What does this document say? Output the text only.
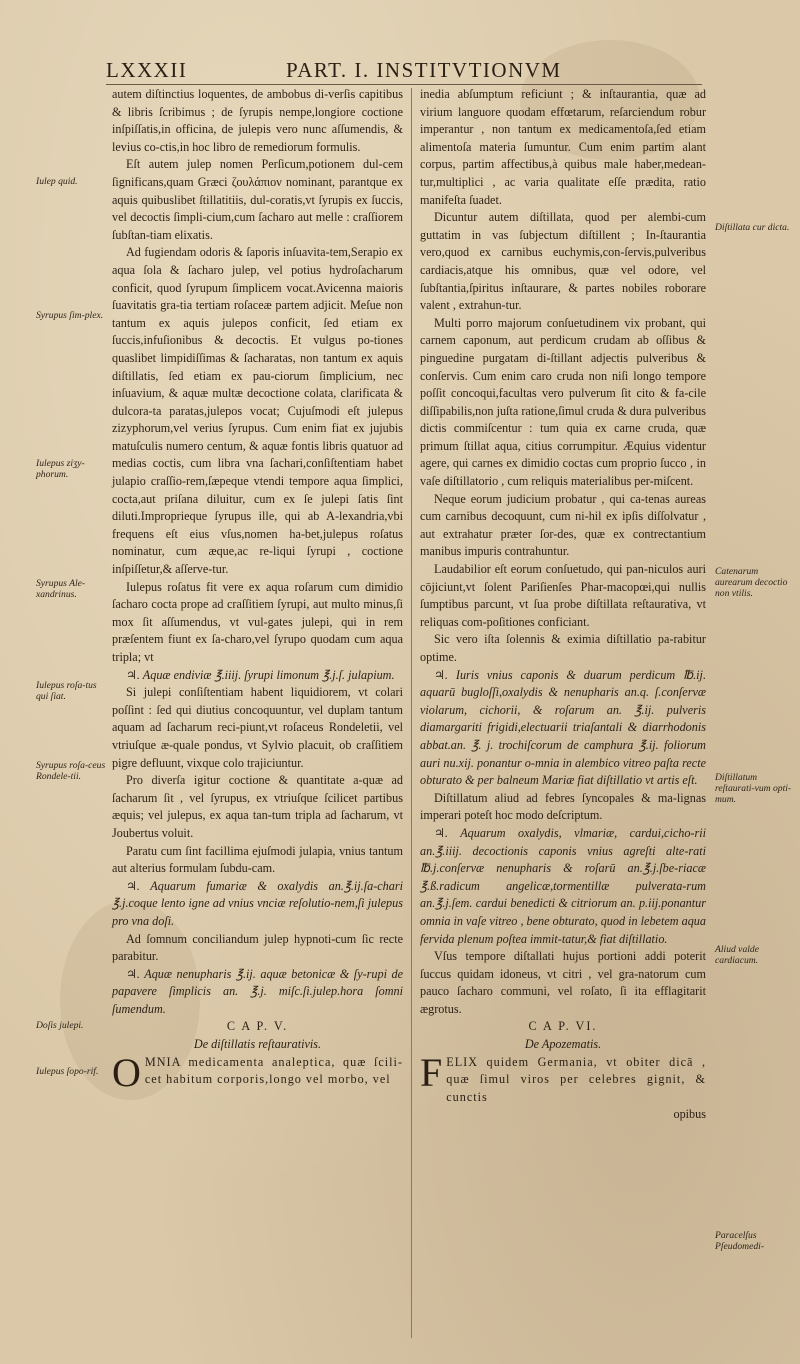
LXXXII	PART. I. INSTITVTIONVM

autem diſtinctius loquentes, de ambobus di-verſis capitibus & libris ſcribimus ; de ſyrupis nempe,longiore coctione inſpiſſatis,in officina, de julepis vero nunc aſſumendis, & levius co-ctis,in hoc libro de remediorum formulis.

Eſt autem julep nomen Perſicum,potionem dul-cem ſignificans,quam Græci ζουλάπιον nominant, parantque ex aquis quibuslibet ſtillatitiis, dul-coratis,vt ſyrupis ex ſuccis, vel decoctis ſimpli-cium,cum ſacharo aut melle : craſſiorem ſubſtan-tiam elixatis.

Ad fugiendam odoris & ſaporis inſuavita-tem,Serapio ex aqua ſola & ſacharo julep, vel potius hydroſacharum conficit, quod ſyrupum ſimplicem vocat.Avicenna maioris ſuavitatis gra-tia tertiam roſaceæ partem adjicit. Meſue non tantum ex aquis julepos conficit, ſed etiam ex ſuccis,infuſionibus & decoctis. Et vulgus po-tiones quaslibet limpidiſſimas & ſacharatas, non tantum ex aquis diſtillatis, ſed etiam ex pau-ciorum ſimplicium, nec inſuavium, & aquæ multæ decoctione colata, clarificata & dulcora-ta paratas,julepos vocat; Cujuſmodi eſt julepus zizyphorum,vel verius ſyrupus. Cum enim fiat ex jujubis matuſculis numero centum, & aquæ fontis libris quatuor ad medias coctis, cum libra vna ſachari,conſiſtentiam habet julapio craſſio-rem,ſæpeque vtendi tempore aqua ſimplici, cocta,aut priſana diluitur, cum ex ſe julepi ſatis ſint diluti.Improprieque ſyrupus ille, qui ab A-lexandria,vbi frequens eſt eius vſus,nomen ha-bet,julepus roſatus nominatur, cum æque,ac re-liqui ſyrupi , coctione inſpiſſetur,& aſſerve-tur.

Iulepus roſatus fit vere ex aqua roſarum cum dimidio ſacharo cocta prope ad craſſitiem ſyrupi, aut multo minus,ſi mox ſit aſſumendus, vt vul-gates julepi, qui in rem præſentem fiunt ex ſa-charo,vel ſyrupo quodam cum aqua tripla; vt

♃. Aquæ endiviæ ℥.iiij. ſyrupi limonum ℥.j.ſ. julapium.

Si julepi conſiſtentiam habent liquidiorem, vt colari poſſint : ſed qui diutius concoquuntur, vel duplam tantum aquam ad ſacharum reci-piunt,vt roſaceus Rondeletii, vel vtriuſque æ-quale pondus, vt Sylvio placuit, ob craſſitiem pigre defluunt, vixque colo trajiciuntur.

Pro diverſa igitur coctione & quantitate a-quæ ad ſacharum ſit , vel ſyrupus, ex vtriuſque ſcilicet partibus æquis; vel julepus, ex aqua tan-tum tripla ad ſacharum, vt Joubertus voluit.

Paratu cum ſint facillima ejuſmodi julapia, vnius tantum aut alterius formulam ſubdu-cam.

♃. Aquarum fumariæ & oxalydis an.℥.ij.ſa-chari ℥.j.coque lento igne ad vnius vnciæ reſolutio-nem,ſi julepus pro vna doſi.

Ad ſomnum conciliandum julep hypnoti-cum ſic recte parabitur.

♃. Aquæ nenupharis ℥.ij. aquæ betonicæ & ſy-rupi de papavere ſimplicis an. ℥.j. miſc.ſi.julep.hora ſomni ſumendum.

C A P. V.

De diſtillatis reſtaurativis.

OMNIA medicamenta analeptica, quæ ſcili-cet habitum corporis,longo vel morbo, vel

inedia abſumptum reficiunt ; & inſtaurantia, quæ ad virium languore quodam effœtarum, reſarciendum robur imperantur , non tantum ex medicamentoſa,ſed etiam alimentoſa materia ſumuntur. Cum enim partim alant corpus, partim affectibus,à quibus male haber,medean-tur,multiplici , ac varia qualitate eſſe prædita, ratio manifeſta ſuadet.

Dicuntur autem diſtillata, quod per alembi-cum guttatim in vas ſubjectum diſtillent ; In-ſtaurantia vero,quod ex carnibus euchymis,con-ſervis,pulveribus cardiacis,atque his omnibus, quæ vel odore, vel ſubſtantia,ſpiritus inſtaurare, & partes nobiles roborare valent , extrahun-tur.

Multi porro majorum conſuetudinem vix probant, qui carnem caponum, aut perdicum crudam ab oſſibus & pinguedine purgatam di-ſtillant adjectis pulveribus & conſervis. Cum enim caro cruda non niſi longo tempore poſſit concoqui,facultas vero pulverum ſit cito & fa-cile diſſipabilis,non juſta ratione,ſimul cruda & dura pulveribus dictis commiſcentur : tum quia ex carne cruda, quæ primum ſtillat aqua, citius corrumpitur. Æquius videntur agere, qui carnes ex dimidio coctas cum proprio ſucco , in vaſe diſtillatorio , cum reliquis materialibus per-miſcent.

Neque eorum judicium probatur , qui ca-tenas aureas cum carnibus decoquunt, cum ni-hil ex ipſis diſſolvatur , aut extrahatur præter ſor-des, quæ ex contrectantium manibus impuris contrahuntur.

Laudabilior eſt eorum conſuetudo, qui pan-niculos auri cōjiciunt,vt ſolent Pariſienſes Phar-macopœi,qui nullis ſumptibus parcunt, vt ſua probe diſtillata reſtaurativa, vt reliquas com-poſitiones conficiant.

Sic vero iſta ſolennis & eximia diſtillatio pa-rabitur optime.

♃. Iuris vnius caponis & duarum perdicum ℔.ij. aquarū bugloſſi,oxalydis & nenupharis an.q. ſ.conſervæ violarum, cichorii, & roſarum an. ℥.ij. pulveris diamargariti frigidi,electuarii triaſantali & diarrhodonis abbat.an. ℥. j. trochiſcorum de camphura ℥.ij. foliorum auri nu.xij. ponantur o-mnia in alembico vitreo paſta recte obturato & per balneum Mariæ fiat diſtillatio vt artis eſt.

Diſtillatum aliud ad febres ſyncopales & ma-lignas imperari poteſt hoc modo deſcriptum.

♃. Aquarum oxalydis, vlmariæ, cardui,cicho-rii an.℥.iiij. decoctionis caponis vnius agreſti alte-rati ℔.j.conſervæ nenupharis & roſarū an.℥.j.ſbe-riacæ ℥.ß.radicum angelicæ,tormentillæ pulverata-rum an.℥.j.ſem. cardui benedicti & citriorum an. p.iij.ponantur omnia in vaſe vitreo , bene obturato, quod in lebetem aqua fervida plenum poſtea immit-tatur,& fiat diſtillatio.

Vſus tempore diſtallati hujus portioni addi poterit ſuccus quidam idoneus, vt citri , vel gra-natorum cum pauco ſacharo communi, vel roſato, ſi ita efflagitarit ægrotus.

C A P. VI.

De Apozematis.

FELIX quidem Germania, vt obiter dicā , quæ ſimul viros per celebres gignit, & cunctis

opibus

Iulep quid.
Syrupus ſim-plex.
Iulepus ziʒy-phorum.
Syrupus Ale-xandrinus.
Iulepus roſa-tus qui ſiat.
Syrupus roſa-ceus Rondele-tii.
Doſis julepi.
Iulepus ſopo-rif.
Diſtillata cur dicta.
Catenarum aurearum decoctio non vtilis.
Diſtillatum reſtaurati-vum opti-mum.
Aliud valde cardiacum.
Paracelſus Pſeudomedi-
